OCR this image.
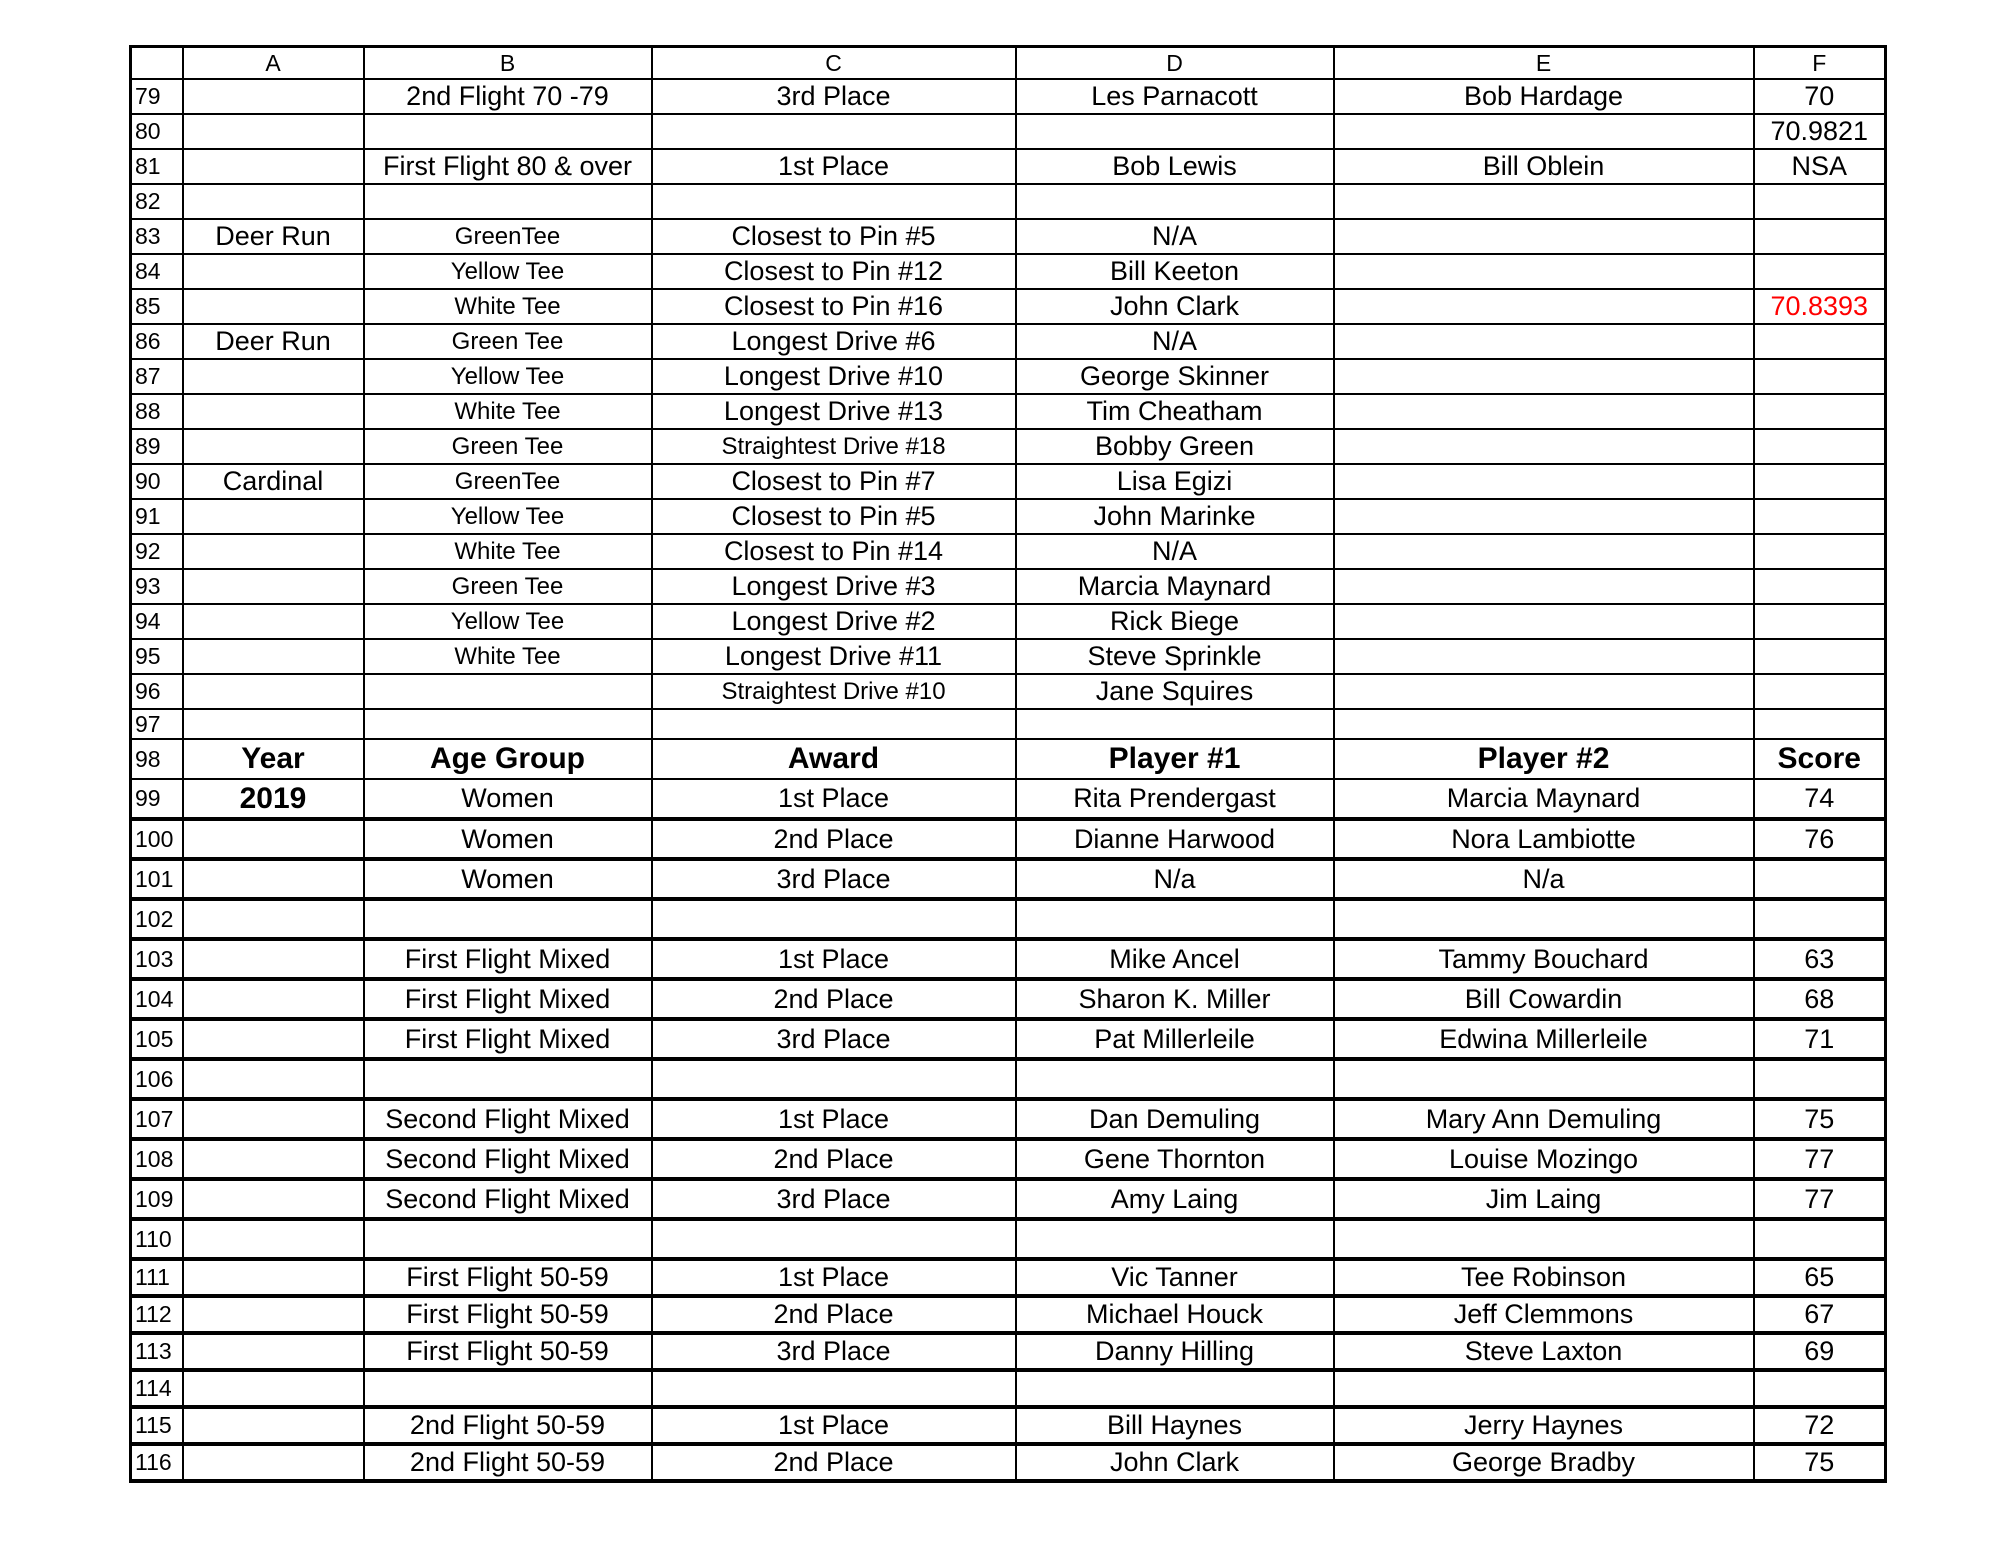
	A	B	C	D	E	F
79		2nd Flight 70 -79	3rd Place	Les Parnacott	Bob Hardage	70
80						70.9821
81		First Flight 80 & over	1st Place	Bob Lewis	Bill Oblein	NSA
82						
83	Deer Run	GreenTee	Closest to Pin #5	N/A		
84		Yellow Tee	Closest to Pin #12	Bill Keeton		
85		White Tee	Closest to Pin #16	John Clark		70.8393
86	Deer Run	Green Tee	Longest Drive #6	N/A		
87		Yellow Tee	Longest Drive #10	George Skinner		
88		White Tee	Longest Drive #13	Tim Cheatham		
89		Green Tee	Straightest Drive #18	Bobby Green		
90	Cardinal	GreenTee	Closest to Pin #7	Lisa Egizi		
91		Yellow Tee	Closest to Pin #5	John Marinke		
92		White Tee	Closest to Pin #14	N/A		
93		Green Tee	Longest Drive #3	Marcia Maynard		
94		Yellow Tee	Longest Drive #2	Rick Biege		
95		White Tee	Longest Drive #11	Steve Sprinkle		
96			Straightest Drive #10	Jane Squires		
97						
98	Year	Age Group	Award	Player #1	Player #2	Score
99	2019	Women	1st Place	Rita Prendergast	Marcia Maynard	74
100		Women	2nd Place	Dianne Harwood	Nora Lambiotte	76
101		Women	3rd Place	N/a	N/a	
102						
103		First Flight Mixed	1st Place	Mike Ancel	Tammy Bouchard	63
104		First Flight Mixed	2nd Place	Sharon K. Miller	Bill Cowardin	68
105		First Flight Mixed	3rd Place	Pat Millerleile	Edwina Millerleile	71
106						
107		Second Flight Mixed	1st Place	Dan Demuling	Mary Ann Demuling	75
108		Second Flight Mixed	2nd Place	Gene Thornton	Louise Mozingo	77
109		Second Flight Mixed	3rd Place	Amy Laing	Jim Laing	77
110						
111		First Flight 50-59	1st Place	Vic Tanner	Tee Robinson	65
112		First Flight 50-59	2nd Place	Michael Houck	Jeff Clemmons	67
113		First Flight 50-59	3rd Place	Danny Hilling	Steve Laxton	69
114						
115		2nd Flight 50-59	1st Place	Bill Haynes	Jerry Haynes	72
116		2nd Flight 50-59	2nd Place	John Clark	George Bradby	75
